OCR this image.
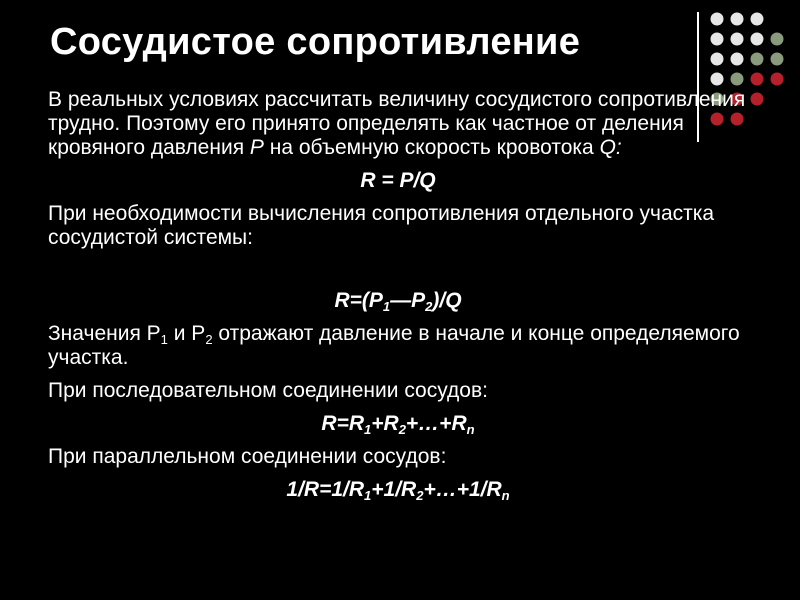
Сосудистое сопротивление

В реальных условиях рассчитать величину сосудистого сопротивления трудно. Поэтому его принято определять как частное от деления кровяного давления P на объемную скорость кровотока Q:

R = P/Q

При необходимости вычисления сопротивления отдельного участка сосудистой системы:

$R=(P_1—P_2)/Q$

Значения $Р_1$ и $Р_2$ отражают давление в начале и конце определяемого участка.

При последовательном соединении сосудов:

$R=R_1+R_2+\dots+R_n$

При параллельном соединении сосудов:

$1/R=1/R_1+1/R_2+\dots+1/R_n$
